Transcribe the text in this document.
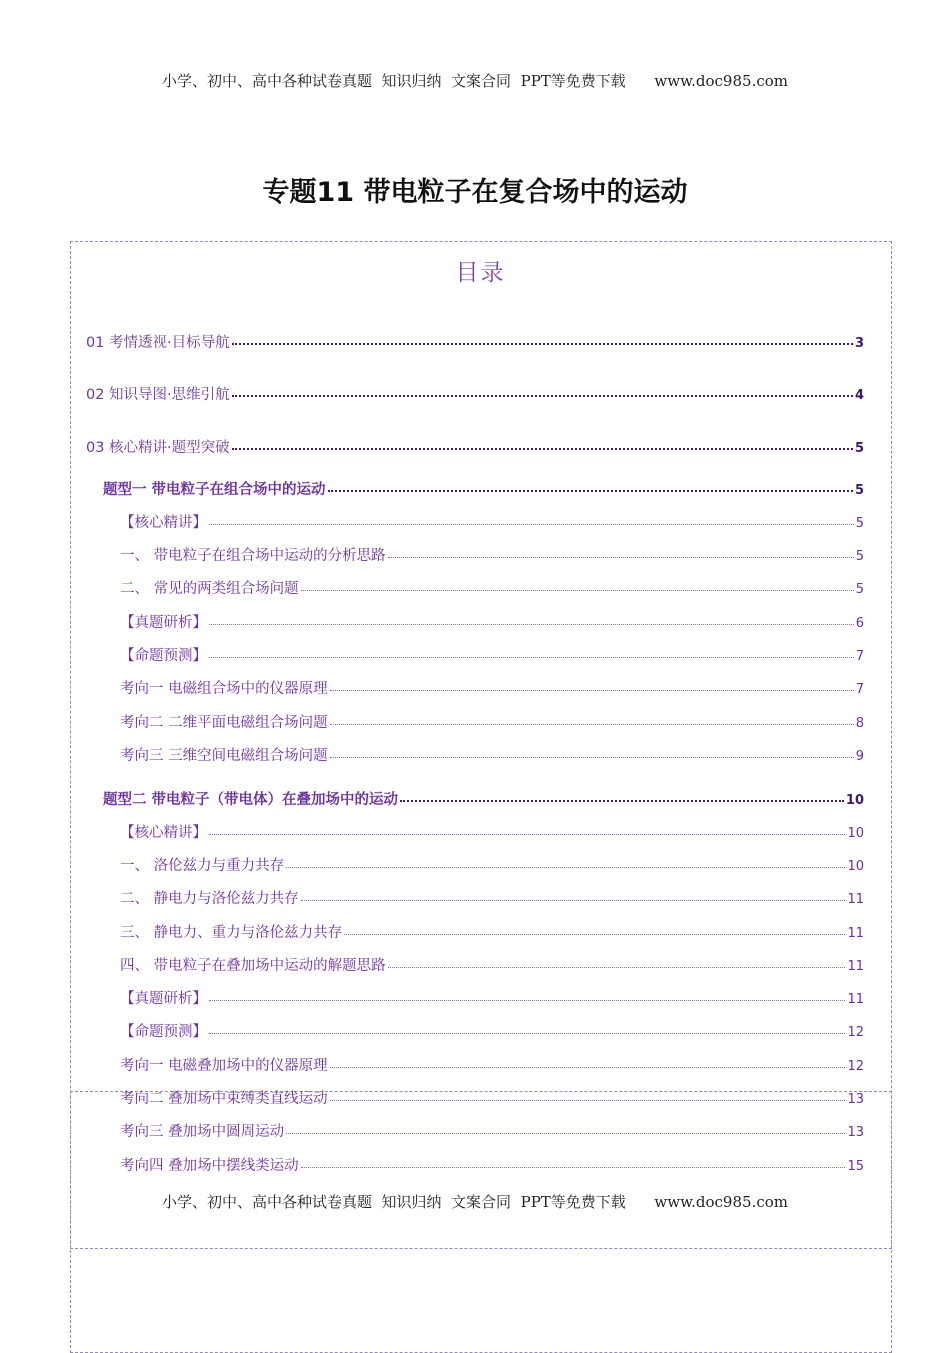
小学、初中、高中各种试卷真题  知识归纳  文案合同  PPT等免费下载      www.doc985.com
专题11 带电粒子在复合场中的运动
目录
01 考情透视·目标导航	3
02 知识导图·思维引航	4
03 核心精讲·题型突破	5
题型一 带电粒子在组合场中的运动	5
【核心精讲】	5
一、 带电粒子在组合场中运动的分析思路	5
二、 常见的两类组合场问题	5
【真题研析】	6
【命题预测】	7
考向一 电磁组合场中的仪器原理	7
考向二 二维平面电磁组合场问题	8
考向三 三维空间电磁组合场问题	9
题型二 带电粒子（带电体）在叠加场中的运动	10
【核心精讲】	10
一、 洛伦兹力与重力共存	10
二、 静电力与洛伦兹力共存	11
三、 静电力、重力与洛伦兹力共存	11
四、 带电粒子在叠加场中运动的解题思路	11
【真题研析】	11
【命题预测】	12
考向一 电磁叠加场中的仪器原理	12
考向二 叠加场中束缚类直线运动	13
考向三 叠加场中圆周运动	13
考向四 叠加场中摆线类运动	15
小学、初中、高中各种试卷真题  知识归纳  文案合同  PPT等免费下载      www.doc985.com
